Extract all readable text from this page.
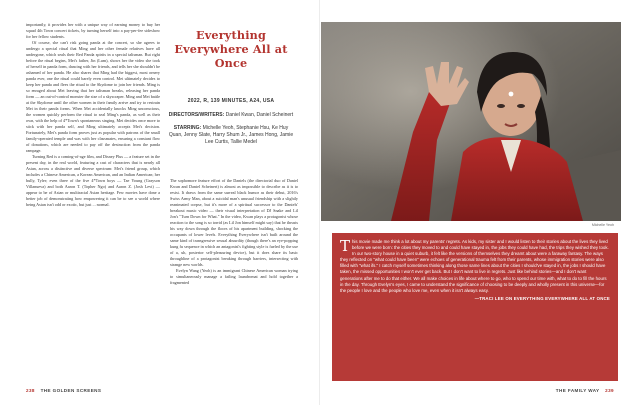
importantly, it provides her with a unique way of earning money to buy her squad 4th Town concert tickets, by turning herself into a pay-per-fee sideshow for her fellow students.

Of course, she can't risk going panda at the concert, so she agrees to undergo a special ritual that Ming and her other female relatives have all undergone, which seals their Red Panda spirits in a special talisman. But right before the ritual begins, Mei's father, Jin (Lum), shows her the video she took of herself in panda form, dancing with her friends, and tells her she shouldn't be ashamed of her panda. He also shares that Ming had the biggest, most ornery panda ever, one the ritual could barely even control. Mei ultimately decides to keep her panda and flees the ritual to the Skydome to join her friends. Ming is so enraged about Mei leaving that her talisman breaks, releasing her panda form — an out-of-control monster the size of a skyscraper. Ming and Mei battle at the Skydome until the other women in their family arrive and try to restrain Mei in their panda forms. When Mei accidentally knocks Ming unconscious, the women quickly perform the ritual to seal Ming's panda, as well as their own, with the help of 4*Town's spontaneous singing. Mei decides once more to stick with her panda self, and Ming ultimately accepts Mei's decision. Fortunately, Mei's panda form proves just as popular with patrons of the small family-operated temple and was with her classmates, ensuring a constant flow of donations, which are needed to pay off the destruction from the panda rampage.

Turning Red is a coming-of-age film, and Disney Plus — a feature set in the present day, in the real world, featuring a cast of characters that is nearly all Asian, across a distinctive and diverse spectrum: Mei's friend group, which includes a Chinese American, a Korean American, and an Indian American; her bully, Tyler; even three of the five 4*Town boys — Tae Young (Grayson Villanueva) and both Aaron T. (Topher Ngo) and Aaron Z. (Josh Levi) — appear to be of Asian or multiracial Asian heritage. Few movies have done a better job of demonstrating how empowering it can be to see a world where being Asian isn't odd or exotic, but just ... normal.

Everything Everywhere All at Once
2022, R, 139 MINUTES, A24, USA
DIRECTORS/WRITERS: Daniel Kwan, Daniel Scheinert
STARRING: Michelle Yeoh, Stephanie Hsu, Ke Huy Quan, Jenny Slate, Harry Shum Jr., James Hong, Jamie Lee Curtis, Tallie Medel

The sophomore feature effort of the Daniels (the directorial duo of Daniel Kwan and Daniel Scheinert) is almost as impossible to describe as it is to resist. It draws from the same surreal black humor as their debut, 2016's Swiss Army Man, about a suicidal man's unusual friendship with a slightly reanimated corpse, but it's more of a spiritual successor to the Daniels' breakout music video — their visual interpretation of DJ Snake and Lil Jon's "Turn Down for What." In the video, Kwan plays a protagonist whose reaction to the song is so torrid (as Lil Jon himself might say) that he thrusts his way down through the floors of his apartment building, shocking the occupants of lower levels. Everything Everywhere isn't built around the same kind of transgressive sexual absurdity (though there's an eye-popping kung fu sequence in which an antagonist's fighting style is fueled by the use of a, uh, posterior self-pleasuring device), but it does share its basic throughline of a protagonist breaking through barriers, intersecting with strange new worlds.

Evelyn Wang (Yeoh) is an immigrant Chinese American woman trying to simultaneously manage a failing laundromat and hold together a fragmented

238 THE GOLDEN SCREENS	THE FAMILY WAY 239
Michelle Yeoh
T his movie made me think a lot about my parents' regrets. As kids, my sister and I would listen to their stories about the lives they lived before we were born: the cities they moved to and could have stayed in, the jobs they could have had, the trips they wished they took. In our two-story house in a quiet suburb, it felt like the versions of themselves they dreamt about were a faraway fantasy. The ways they reflected on "what could have been" were echoes of generational trauma felt from their parents, whose immigration stories were also filled with "what ifs." I catch myself sometimes thinking along those same lines about the cities I should've stayed in, the jobs I should have taken, the missed opportunities I won't ever get back. But I don't want to live in regrets. Just like behind stories—and I don't want generations after me to do that either. We all make choices in life about where to go, who to spend our time with, what to do to fill the hours in the day. Through Evelyn's eyes, I came to understand the significance of choosing to be deeply and wholly present in this universe—for the people I love and the people who love me, even when it isn't always easy.
—TRACI LEE ON EVERYTHING EVERYWHERE ALL AT ONCE
